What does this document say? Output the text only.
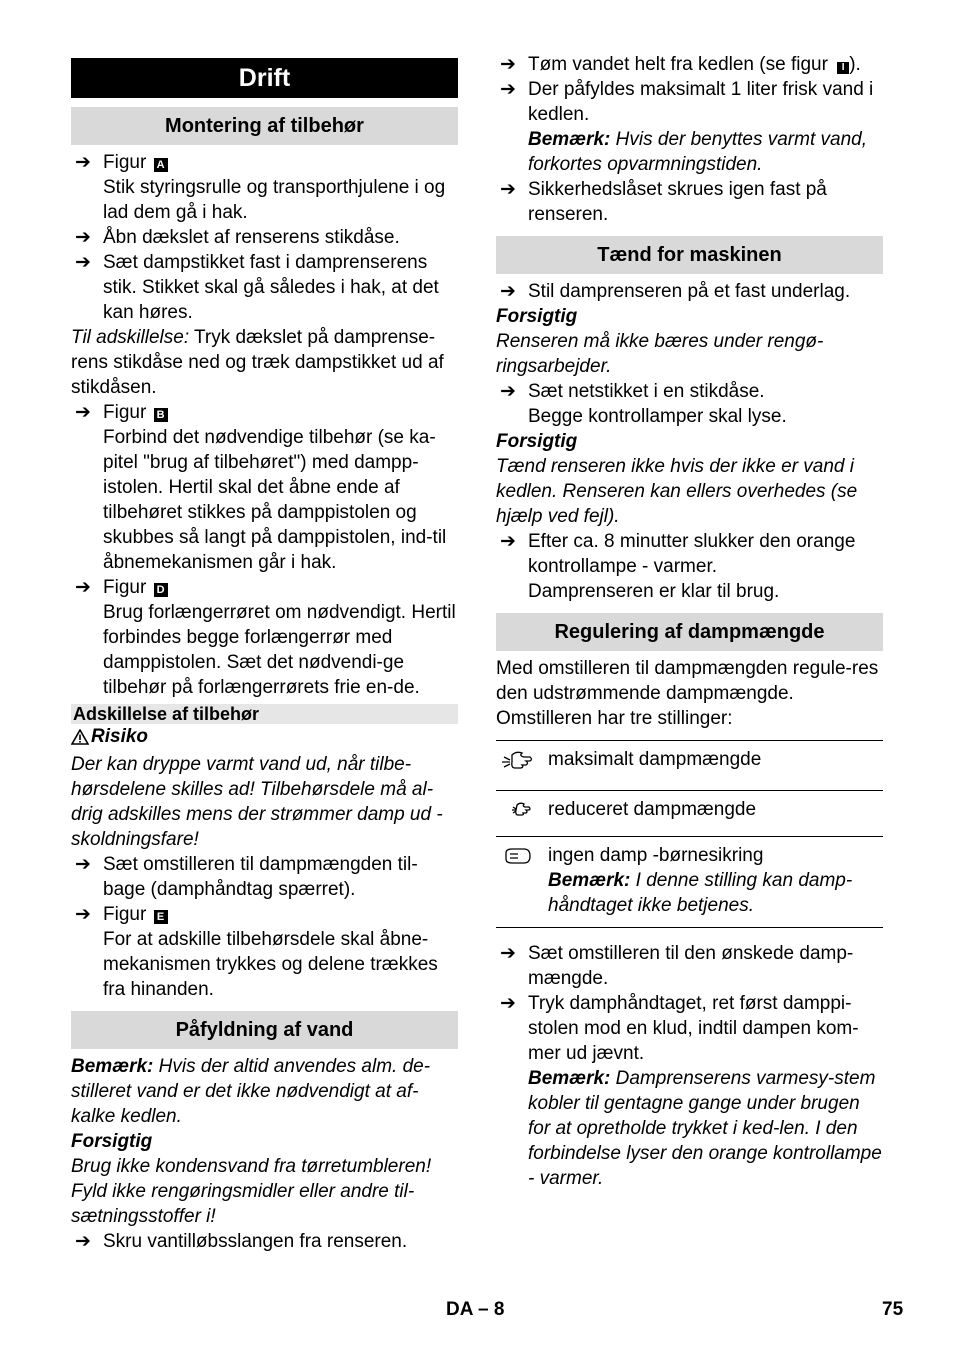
Drift
Montering af tilbehør
➔ Figur A
Stik styringsrulle og transporthjulene i og lad dem gå i hak.
➔ Åbn dækslet af renserens stikdåse.
➔ Sæt dampstikket fast i damprenserens stik. Stikket skal gå således i hak, at det kan høres.
Til adskillelse: Tryk dækslet på damprense-rens stikdåse ned og træk dampstikket ud af stikdåsen.
➔ Figur B
Forbind det nødvendige tilbehør (se ka-pitel "brug af tilbehøret") med dampp-istolen. Hertil skal det åbne ende af tilbehøret stikkes på damppistolen og skubbes så langt på damppistolen, ind-til åbnemekanismen går i hak.
➔ Figur D
Brug forlængerrøret om nødvendigt. Hertil forbindes begge forlængerrør med damppistolen. Sæt det nødvendi-ge tilbehør på forlængerrørets frie en-de.
Adskillelse af tilbehør
Risiko
Der kan dryppe varmt vand ud, når tilbe-hørsdelene skilles ad! Tilbehørsdele må al-drig adskilles mens der strømmer damp ud - skoldningsfare!
➔ Sæt omstilleren til dampmængden til-bage (damphåndtag spærret).
➔ Figur E
For at adskille tilbehørsdele skal åbne-mekanismen trykkes og delene trækkes fra hinanden.
Påfyldning af vand
Bemærk: Hvis der altid anvendes alm. de-stilleret vand er det ikke nødvendigt at af-kalke kedlen.
Forsigtig
Brug ikke kondensvand fra tørretumbleren! Fyld ikke rengøringsmidler eller andre til-sætningsstoffer i!
➔ Skru vantilløbsslangen fra renseren.
➔ Tøm vandet helt fra kedlen (se figur I ).
➔ Der påfyldes maksimalt 1 liter frisk vand i kedlen.
Bemærk: Hvis der benyttes varmt vand, forkortes opvarmningstiden.
➔ Sikkerhedslåset skrues igen fast på renseren.
Tænd for maskinen
➔ Stil damprenseren på et fast underlag.
Forsigtig
Renseren må ikke bæres under rengø-ringsarbejder.
➔ Sæt netstikket i en stikdåse.
Begge kontrollamper skal lyse.
Forsigtig
Tænd renseren ikke hvis der ikke er vand i kedlen. Renseren kan ellers overhedes (se hjælp ved fejl).
➔ Efter ca. 8 minutter slukker den orange kontrollampe - varmer.
Damprenseren er klar til brug.
Regulering af dampmængde
Med omstilleren til dampmængden regule-res den udstrømmende dampmængde. Omstilleren har tre stillinger:
	maksimalt dampmængde
	reduceret dampmængde

ingen damp -børnesikring
Bemærk: I denne stilling kan damp-håndtaget ikke betjenes.
➔ Sæt omstilleren til den ønskede damp-mængde.
➔ Tryk damphåndtaget, ret først damppi-stolen mod en klud, indtil dampen kom-mer ud jævnt.
Bemærk: Damprenserens varmesy-stem kobler til gentagne gange under brugen for at opretholde trykket i ked-len. I den forbindelse lyser den orange kontrollampe - varmer.
DA – 8	75
